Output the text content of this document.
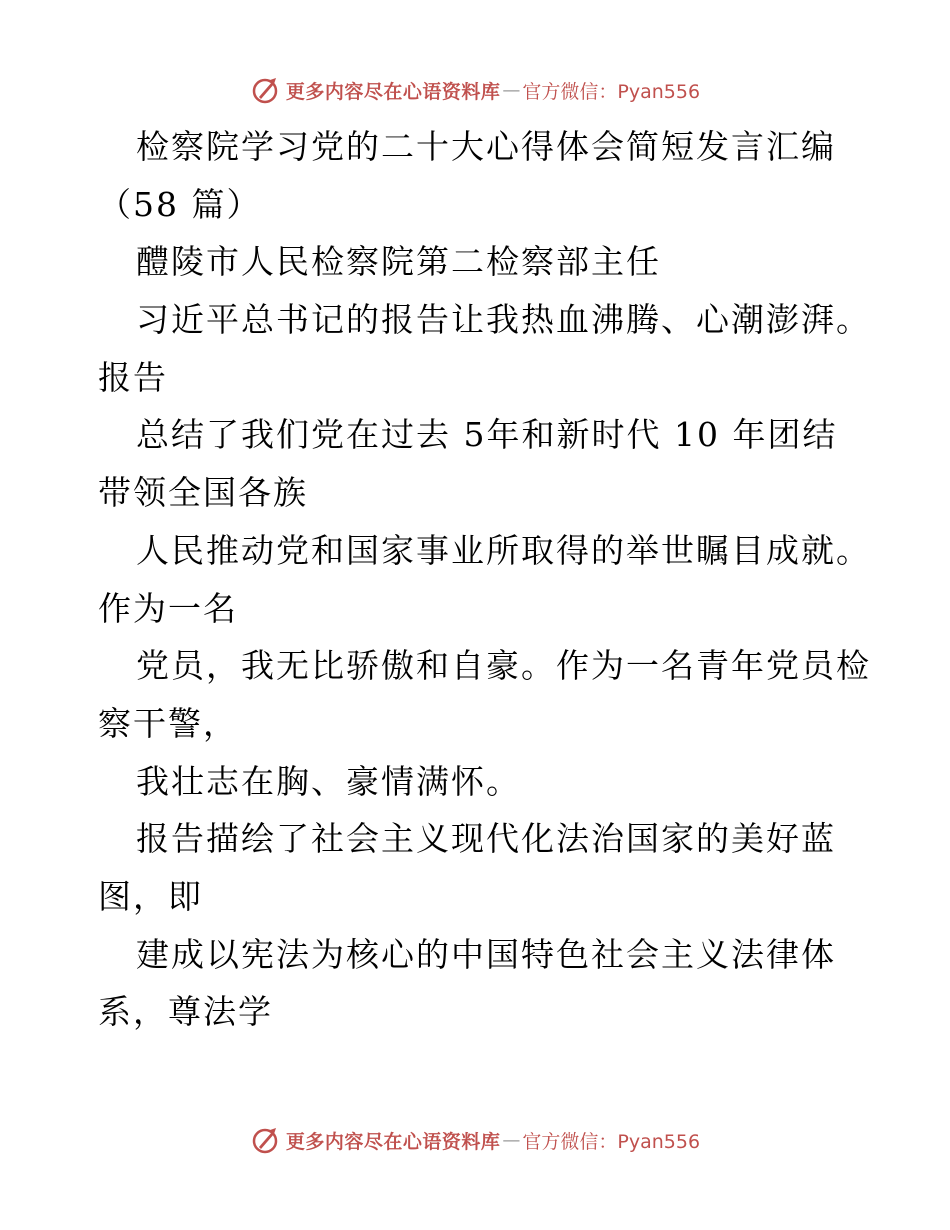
更多内容尽在心语资料库 — 官方微信：Pyan556
检察院学习党的二十大心得体会简短发言汇编
（58 篇）
醴陵市人民检察院第二检察部主任
习近平总书记的报告让我热血沸腾、心潮澎湃。
报告
总结了我们党在过去 5年和新时代 10 年团结
带领全国各族
人民推动党和国家事业所取得的举世瞩目成就。
作为一名
党员，我无比骄傲和自豪。作为一名青年党员检
察干警，
我壮志在胸、豪情满怀。
报告描绘了社会主义现代化法治国家的美好蓝
图，即
建成以宪法为核心的中国特色社会主义法律体
系，尊法学
更多内容尽在心语资料库 — 官方微信：Pyan556
